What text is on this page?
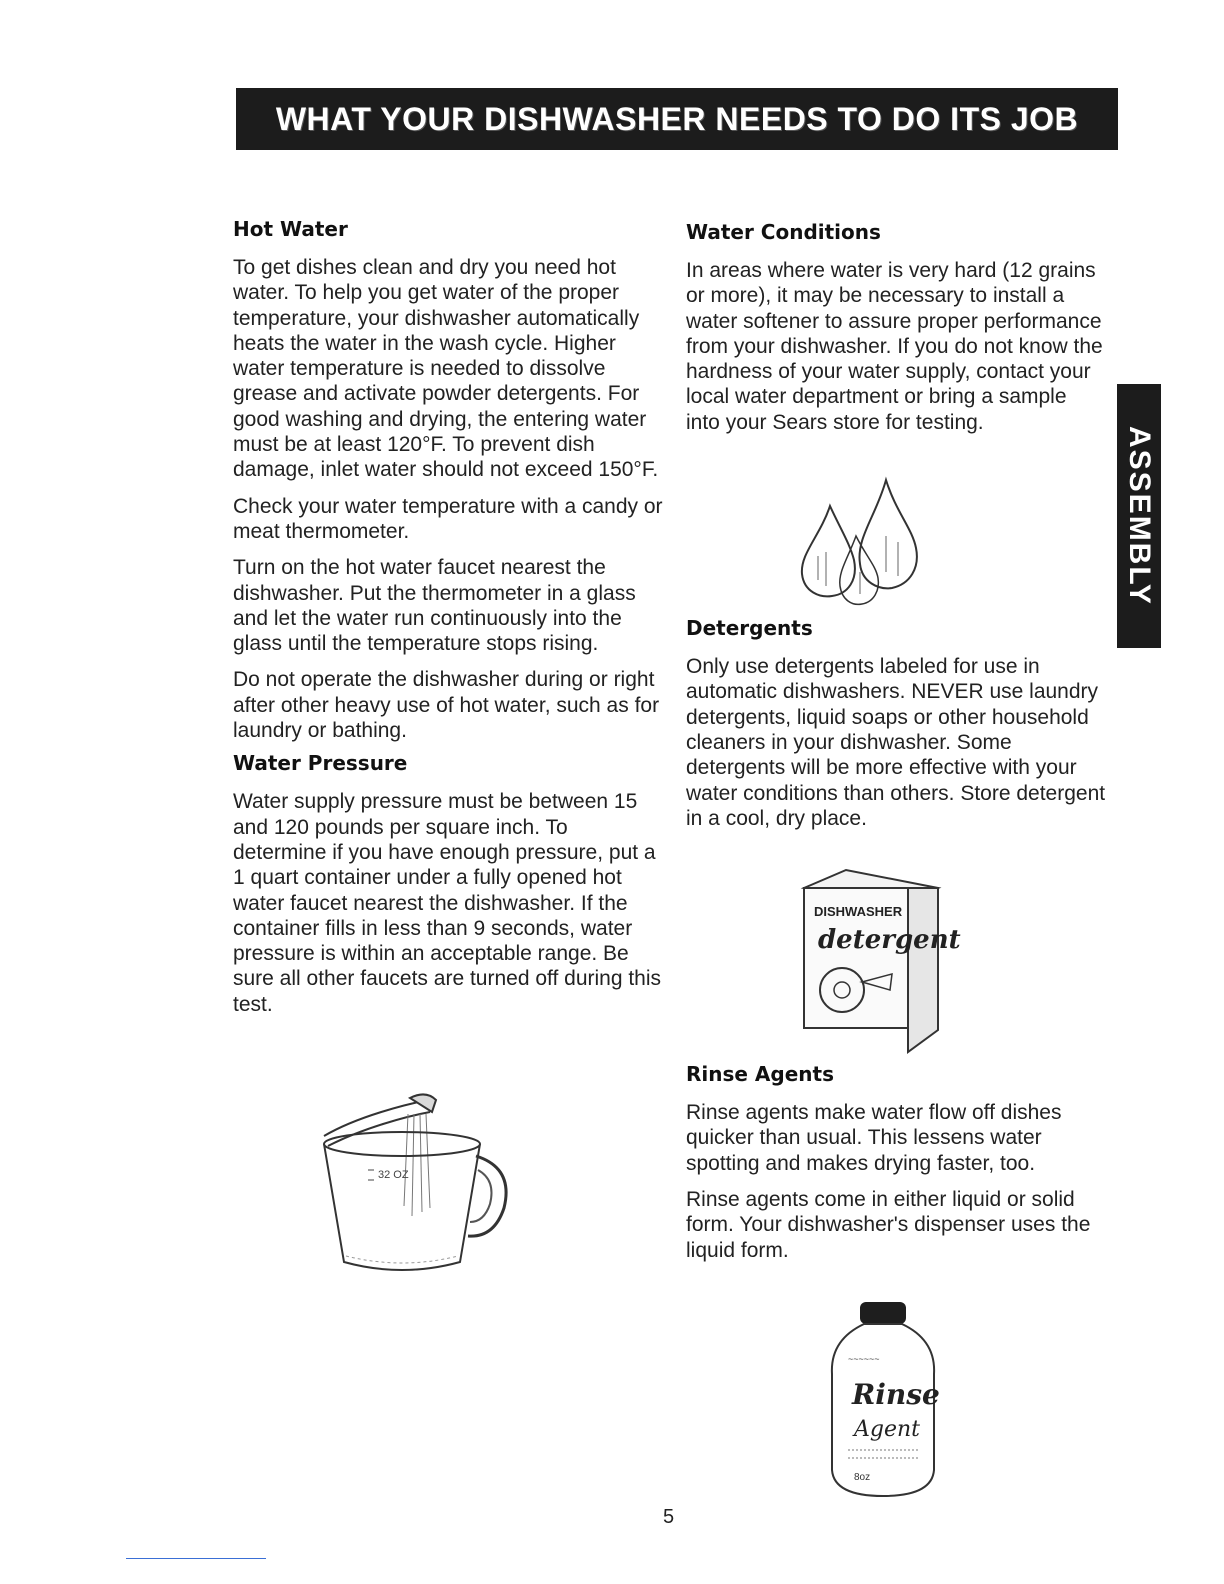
WHAT YOUR DISHWASHER NEEDS TO DO ITS JOB
ASSEMBLY
Hot Water

To get dishes clean and dry you need hot water. To help you get water of the proper temperature, your dishwasher automatically heats the water in the wash cycle. Higher water temperature is needed to dissolve grease and activate powder detergents. For good washing and drying, the entering water must be at least 120°F. To prevent dish damage, inlet water should not exceed 150°F.

Check your water temperature with a candy or meat thermometer.

Turn on the hot water faucet nearest the dishwasher. Put the thermometer in a glass and let the water run continuously into the glass until the temperature stops rising.

Do not operate the dishwasher during or right after other heavy use of hot water, such as for laundry or bathing.

Water Pressure

Water supply pressure must be between 15 and 120 pounds per square inch. To determine if you have enough pressure, put a 1 quart container under a fully opened hot water faucet nearest the dishwasher. If the container fills in less than 9 seconds, water pressure is within an acceptable range. Be sure all other faucets are turned off during this test.

32 OZ
Water Conditions

In areas where water is very hard (12 grains or more), it may be necessary to install a water softener to assure proper performance from your dishwasher. If you do not know the hardness of your water supply, contact your local water department or bring a sample into your Sears store for testing.

Detergents

Only use detergents labeled for use in automatic dishwashers. NEVER use laundry detergents, liquid soaps or other household cleaners in your dishwasher. Some detergents will be more effective with your water conditions than others. Store detergent in a cool, dry place.

Rinse Agents

Rinse agents make water flow off dishes quicker than usual. This lessens water spotting and makes drying faster, too.

Rinse agents come in either liquid or solid form. Your dishwasher's dispenser uses the liquid form.

DISHWASHER
detergent
~~~~~~
Rinse
Agent
8oz
5
